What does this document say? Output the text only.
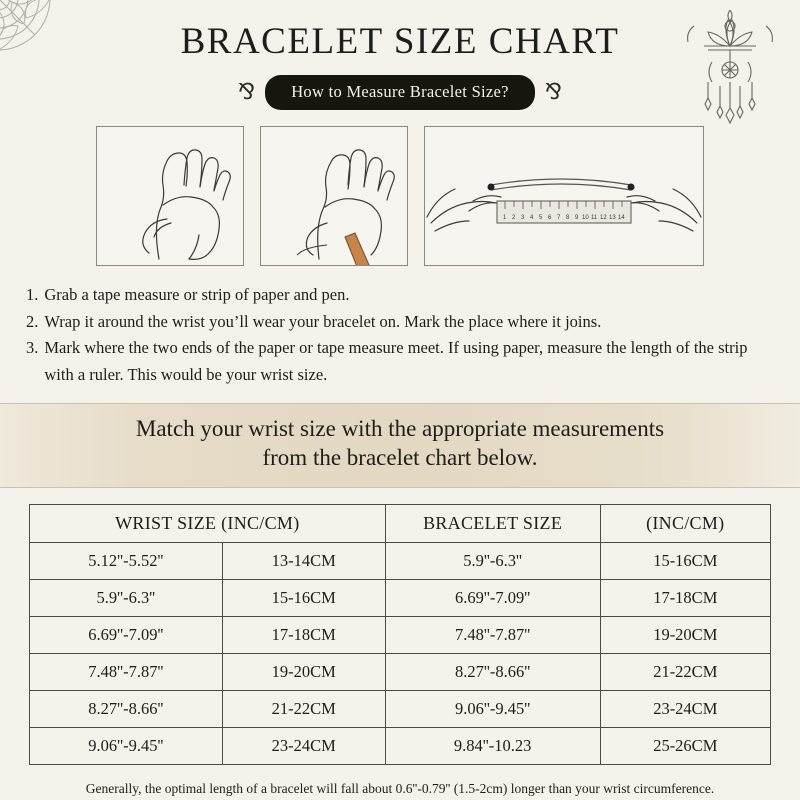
BRACELET SIZE CHART
⅋	How to Measure Bracelet Size?	⅋
1 2 3 4 5 6 7 8 9 10 11 12 13 14
1. Grab a tape measure or strip of paper and pen.
2. Wrap it around the wrist you’ll wear your bracelet on. Mark the place where it joins.
3. Mark where the two ends of the paper or tape measure meet. If using paper, measure the length of the strip with a ruler. This would be your wrist size.
Match your wrist size with the appropriate measurements
from the bracelet chart below.
WRIST SIZE (INC/CM)		BRACELET SIZE	(INC/CM)
5.12''-5.52''	13-14CM	5.9''-6.3''	15-16CM
5.9''-6.3''	15-16CM	6.69''-7.09''	17-18CM
6.69''-7.09''	17-18CM	7.48''-7.87''	19-20CM
7.48''-7.87''	19-20CM	8.27''-8.66''	21-22CM
8.27''-8.66''	21-22CM	9.06''-9.45''	23-24CM
9.06''-9.45''	23-24CM	9.84''-10.23	25-26CM
Generally, the optimal length of a bracelet will fall about 0.6''-0.79'' (1.5-2cm) longer than your wrist circumference.
